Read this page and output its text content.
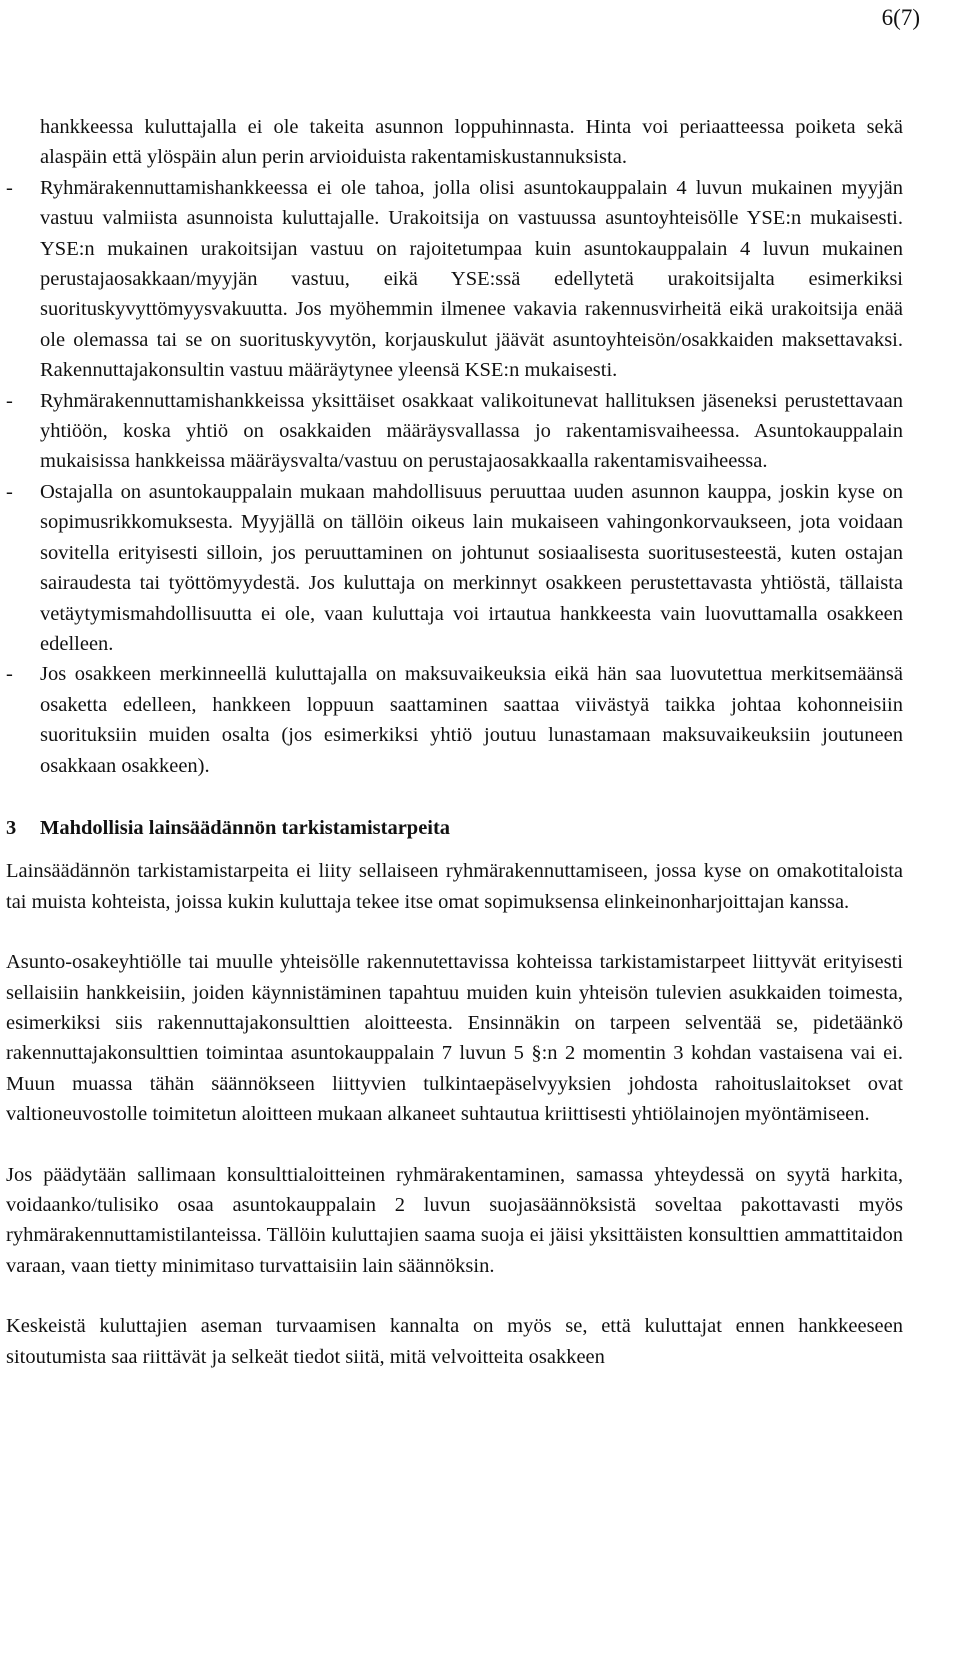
6(7)

hankkeessa kuluttajalla ei ole takeita asunnon loppuhinnasta. Hinta voi periaatteessa poiketa sekä alaspäin että ylöspäin alun perin arvioiduista rakentamiskustannuksista.

- Ryhmärakennuttamishankkeessa ei ole tahoa, jolla olisi asuntokauppalain 4 luvun mukainen myyjän vastuu valmiista asunnoista kuluttajalle. Urakoitsija on vastuussa asuntoyhteisölle YSE:n mukaisesti. YSE:n mukainen urakoitsijan vastuu on rajoitetumpaa kuin asuntokauppalain 4 luvun mukainen perustajaosakkaan/myyjän vastuu, eikä YSE:ssä edellytetä urakoitsijalta esimerkiksi suorituskyvyttömyysvakuutta. Jos myöhemmin ilmenee vakavia rakennusvirheitä eikä urakoitsija enää ole olemassa tai se on suorituskyvytön, korjauskulut jäävät asuntoyhteisön/osakkaiden maksettavaksi. Rakennuttajakonsultin vastuu määräytynee yleensä KSE:n mukaisesti.
- Ryhmärakennuttamishankkeissa yksittäiset osakkaat valikoitunevat hallituksen jäseneksi perustettavaan yhtiöön, koska yhtiö on osakkaiden määräysvallassa jo rakentamisvaiheessa. Asuntokauppalain mukaisissa hankkeissa määräysvalta/vastuu on perustajaosakkaalla rakentamisvaiheessa.
- Ostajalla on asuntokauppalain mukaan mahdollisuus peruuttaa uuden asunnon kauppa, joskin kyse on sopimusrikkomuksesta. Myyjällä on tällöin oikeus lain mukaiseen vahingonkorvaukseen, jota voidaan sovitella erityisesti silloin, jos peruuttaminen on johtunut sosiaalisesta suoritusesteestä, kuten ostajan sairaudesta tai työttömyydestä. Jos kuluttaja on merkinnyt osakkeen perustettavasta yhtiöstä, tällaista vetäytymismahdollisuutta ei ole, vaan kuluttaja voi irtautua hankkeesta vain luovuttamalla osakkeen edelleen.
- Jos osakkeen merkinneellä kuluttajalla on maksuvaikeuksia eikä hän saa luovutettua merkitsemäänsä osaketta edelleen, hankkeen loppuun saattaminen saattaa viivästyä taikka johtaa kohonneisiin suorituksiin muiden osalta (jos esimerkiksi yhtiö joutuu lunastamaan maksuvaikeuksiin joutuneen osakkaan osakkeen).
3	Mahdollisia lainsäädännön tarkistamistarpeita

Lainsäädännön tarkistamistarpeita ei liity sellaiseen ryhmärakennuttamiseen, jossa kyse on omakotitaloista tai muista kohteista, joissa kukin kuluttaja tekee itse omat sopimuksensa elinkeinonharjoittajan kanssa.

Asunto-osakeyhtiölle tai muulle yhteisölle rakennutettavissa kohteissa tarkistamistarpeet liittyvät erityisesti sellaisiin hankkeisiin, joiden käynnistäminen tapahtuu muiden kuin yhteisön tulevien asukkaiden toimesta, esimerkiksi siis rakennuttajakonsulttien aloitteesta. Ensinnäkin on tarpeen selventää se, pidetäänkö rakennuttajakonsulttien toimintaa asuntokauppalain 7 luvun 5 §:n 2 momentin 3 kohdan vastaisena vai ei. Muun muassa tähän säännökseen liittyvien tulkintaepäselvyyksien johdosta rahoituslaitokset ovat valtioneuvostolle toimitetun aloitteen mukaan alkaneet suhtautua kriittisesti yhtiölainojen myöntämiseen.

Jos päädytään sallimaan konsulttialoitteinen ryhmärakentaminen, samassa yhteydessä on syytä harkita, voidaanko/tulisiko osaa asuntokauppalain 2 luvun suojasäännöksistä soveltaa pakottavasti myös ryhmärakennuttamistilanteissa. Tällöin kuluttajien saama suoja ei jäisi yksittäisten konsulttien ammattitaidon varaan, vaan tietty minimitaso turvattaisiin lain säännöksin.

Keskeistä kuluttajien aseman turvaamisen kannalta on myös se, että kuluttajat ennen hankkeeseen sitoutumista saa riittävät ja selkeät tiedot siitä, mitä velvoitteita osakkeen
